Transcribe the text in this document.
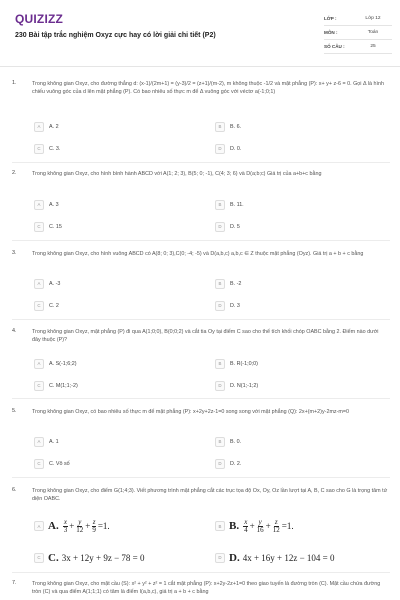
QUIZIZZ
230 Bài tập trắc nghiệm Oxyz cực hay có lời giải chi tiết (P2)
LỚP :	Lớp 12
MÔN :	Toán
SỐ CÂU :	25
1.	Trong không gian Oxyz, cho đường thẳng d: (x-1)/(2m+1) = (y-3)/2 = (z+1)/(m-2), m không thuộc -1/2 và mặt phẳng (P): x+ y+ z-6 = 0. Gọi Δ là hình chiếu vuông góc của d lên mặt phẳng (P). Có bao nhiêu số thực m để Δ vuông góc với véctơ a(-1;0;1)
A	A. 2	B	B. 6.
C	C. 3.	D	D. 0.
2.	Trong không gian Oxyz, cho hình bình hành ABCD với A(1; 2; 3), B(5; 0; -1), C(4; 3; 6) và D(a;b;c) Giá trị của a+b+c bằng
A	A. 3	B	B. 11.
C	C. 15	D	D. 5
3.	Trong không gian Oxyz, cho hình vuông ABCD có A(8; 0; 3),C(0; -4; -5) và D(a,b,c) a,b,c ∈ Z thuộc mặt phẳng (Oyz). Giá trị a + b + c bằng
A	A. -3	B	B. -2
C	C. 2	D	D. 3
4.	Trong không gian Oxyz, mặt phẳng (P) đi qua A(1;0;0), B(0;0;2) và cắt tia Oy tại điểm C sao cho thể tích khối chóp OABC bằng 2. Điểm nào dưới đây thuộc (P)?
A	A. S(-1;6;2)	B	B. R(-1;0;0)
C	C. M(1;1;-2)	D	D. N(1;-1;2)
5.	Trong không gian Oxyz, có bao nhiêu số thực m để mặt phẳng (P): x+2y+2z-1=0 song song với mặt phẳng (Q): 2x+(m+2)y-2mz-m=0
A	A. 1	B	B. 0.
C	C. Vô số	D	D. 2.
6.	Trong không gian Oxyz, cho điểm G(1;4;3). Viết phương trình mặt phẳng cắt các trục tọa độ Ox, Oy, Oz lần lượt tại A, B, C sao cho G là trọng tâm tứ diện OABC.
A A. $\frac{x}{3} + \frac{y}{12} + \frac{z}{9} =1$.	B B. $\frac{x}{4} + \frac{y}{16} + \frac{z}{12} =1$.
C C. 3x + 12y + 9z − 78 = 0	D D. 4x + 16y + 12z − 104 = 0
7.	Trong không gian Oxyz, cho mặt cầu (S): x² + y² + z² = 1 cắt mặt phẳng (P): x+2y-2z+1=0 theo giao tuyến là đường tròn (C). Mặt cầu chứa đường tròn (C) và qua điểm A(1;1;1) có tâm là điểm I(a,b,c), giá trị a + b + c bằng
